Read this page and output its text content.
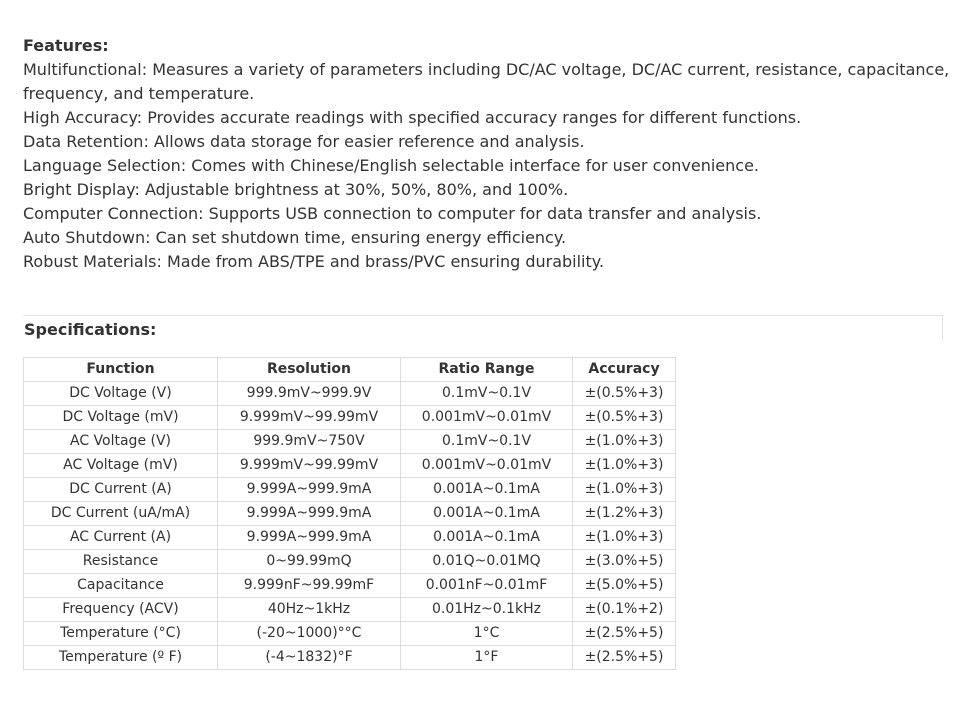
Features:

Multifunctional: Measures a variety of parameters including DC/AC voltage, DC/AC current, resistance, capacitance,

frequency, and temperature.

High Accuracy: Provides accurate readings with specified accuracy ranges for different functions.

Data Retention: Allows data storage for easier reference and analysis.

Language Selection: Comes with Chinese/English selectable interface for user convenience.

Bright Display: Adjustable brightness at 30%, 50%, 80%, and 100%.

Computer Connection: Supports USB connection to computer for data transfer and analysis.

Auto Shutdown: Can set shutdown time, ensuring energy efficiency.

Robust Materials: Made from ABS/TPE and brass/PVC ensuring durability.

Specifications:
Function	Resolution	Ratio Range	Accuracy
DC Voltage (V)	999.9mV~999.9V	0.1mV~0.1V	±(0.5%+3)
DC Voltage (mV)	9.999mV~99.99mV	0.001mV~0.01mV	±(0.5%+3)
AC Voltage (V)	999.9mV~750V	0.1mV~0.1V	±(1.0%+3)
AC Voltage (mV)	9.999mV~99.99mV	0.001mV~0.01mV	±(1.0%+3)
DC Current (A)	9.999A~999.9mA	0.001A~0.1mA	±(1.0%+3)
DC Current (uA/mA)	9.999A~999.9mA	0.001A~0.1mA	±(1.2%+3)
AC Current (A)	9.999A~999.9mA	0.001A~0.1mA	±(1.0%+3)
Resistance	0~99.99mQ	0.01Q~0.01MQ	±(3.0%+5)
Capacitance	9.999nF~99.99mF	0.001nF~0.01mF	±(5.0%+5)
Frequency (ACV)	40Hz~1kHz	0.01Hz~0.1kHz	±(0.1%+2)
Temperature (°C)	(-20~1000)°°C	1°C	±(2.5%+5)
Temperature (º F)	(-4~1832)°F	1°F	±(2.5%+5)
